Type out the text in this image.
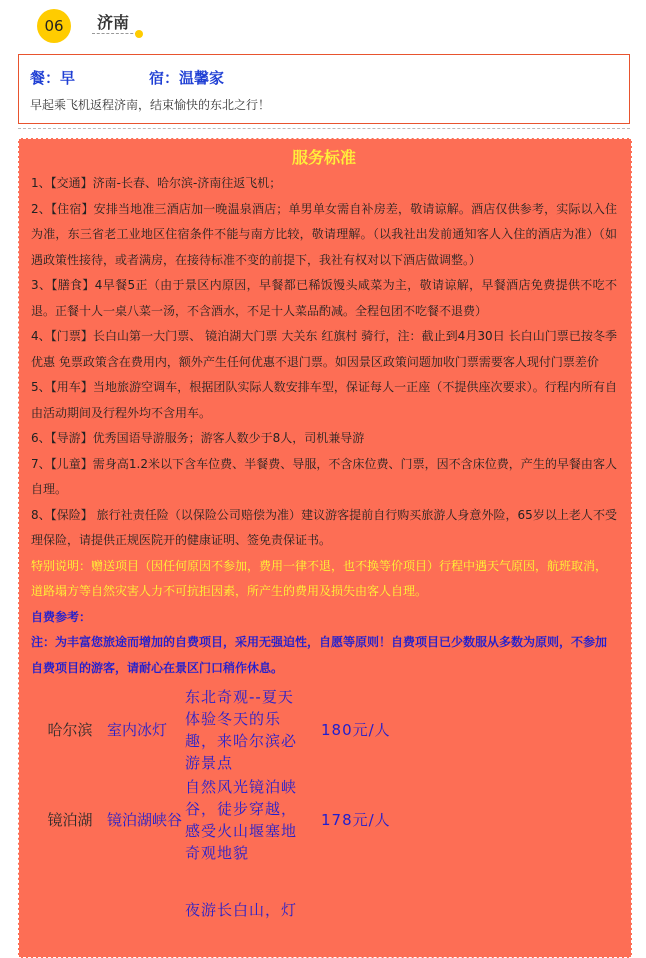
06	济南
餐：早	宿：温馨家
早起乘飞机返程济南，结束愉快的东北之行！
服务标准

1、【交通】济南-长春、哈尔滨-济南往返飞机；

2、【住宿】安排当地准三酒店加一晚温泉酒店；单男单女需自补房差，敬请谅解。酒店仅供参考，实际以入住为准，东三省老工业地区住宿条件不能与南方比较，敬请理解。（以我社出发前通知客人入住的酒店为准）（如遇政策性接待，或者满房，在接待标准不变的前提下，我社有权对以下酒店做调整。）

3、【膳食】4早餐5正（由于景区内原因，早餐都已稀饭馒头咸菜为主，敬请谅解，早餐酒店免费提供不吃不退。正餐十人一桌八菜一汤，不含酒水，不足十人菜品酌减。全程包团不吃餐不退费）

4、【门票】长白山第一大门票、 镜泊湖大门票 大关东 红旗村 骑行，注：截止到4月30日 长白山门票已按冬季优惠 免票政策含在费用内，额外产生任何优惠不退门票。如因景区政策问题加收门票需要客人现付门票差价

5、【用车】当地旅游空调车，根据团队实际人数安排车型，保证每人一正座（不提供座次要求）。行程内所有自由活动期间及行程外均不含用车。

6、【导游】优秀国语导游服务；游客人数少于8人，司机兼导游

7、【儿童】需身高1.2米以下含车位费、半餐费、导服，不含床位费、门票，因不含床位费，产生的早餐由客人自理。

8、【保险】 旅行社责任险（以保险公司赔偿为准）建议游客提前自行购买旅游人身意外险，65岁以上老人不受理保险，请提供正规医院开的健康证明、签免责保证书。

特别说明：赠送项目（因任何原因不参加，费用一律不退，也不换等价项目）行程中遇天气原因，航班取消，道路塌方等自然灾害人力不可抗拒因素，所产生的费用及损失由客人自理。

自费参考：

注：为丰富您旅途而增加的自费项目，采用无强迫性，自愿等原则！自费项目已少数服从多数为原则，不参加自费项目的游客，请耐心在景区门口稍作休息。

哈尔滨	室内冰灯	东北奇观--夏天体验冬天的乐趣，来哈尔滨必游景点	180元/人
镜泊湖	镜泊湖峡谷	自然风光镜泊峡谷，徒步穿越，感受火山堰塞地奇观地貌	178元/人
		夜游长白山，灯	
